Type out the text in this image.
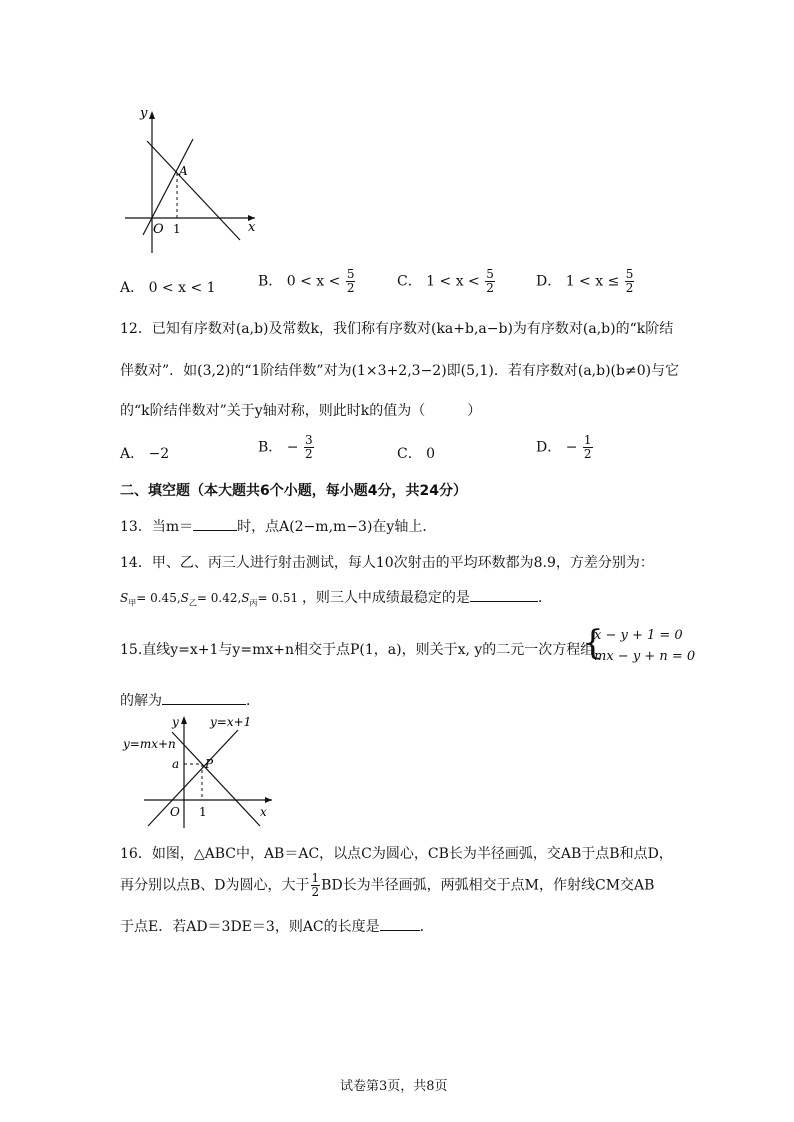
y
x
O
A
1
A． 0 < x < 1	B． $0 < x < \frac{5}{2}$	C． $1 < x < \frac{5}{2}$	D． $1 < x \le \frac{5}{2}$
12．已知有序数对(a,b)及常数k，我们称有序数对(ka+b,a−b)为有序数对(a,b)的“k阶结
伴数对”．如(3,2)的“1阶结伴数”对为(1×3+2,3−2)即(5,1)．若有序数对(a,b)(b≠0)与它
的“k阶结伴数对”关于y轴对称，则此时k的值为（　　　）
A． −2	B． − $\frac{3}{2}$	C． 0	D． − $\frac{1}{2}$
二、填空题（本大题共6个小题，每小题4分，共24分）
13．当m＝	时，点A(2−m,m−3)在y轴上．
14．甲、乙、丙三人进行射击测试，每人10次射击的平均环数都为8.9，方差分别为：
$S_甲= 0.45,S_乙= 0.42,S_丙= 0.51$ ，则三人中成绩最稳定的是	．
15.直线y=x+1与y=mx+n相交于点P(1，a)，则关于x, y的二元一次方程组
{
x − y + 1 = 0
mx − y + n = 0
的解为	．
y	y=x+1
y=mx+n
a P
O 1	x
16．如图，△ABC中，AB＝AC，以点C为圆心，CB长为半径画弧，交AB于点B和点D，
再分别以点B、D为圆心，大于 $\frac{1}{2}$ BD长为半径画弧，两弧相交于点M，作射线CM交AB
于点E．若AD＝3DE＝3，则AC的长度是	．
试卷第3页，共8页
